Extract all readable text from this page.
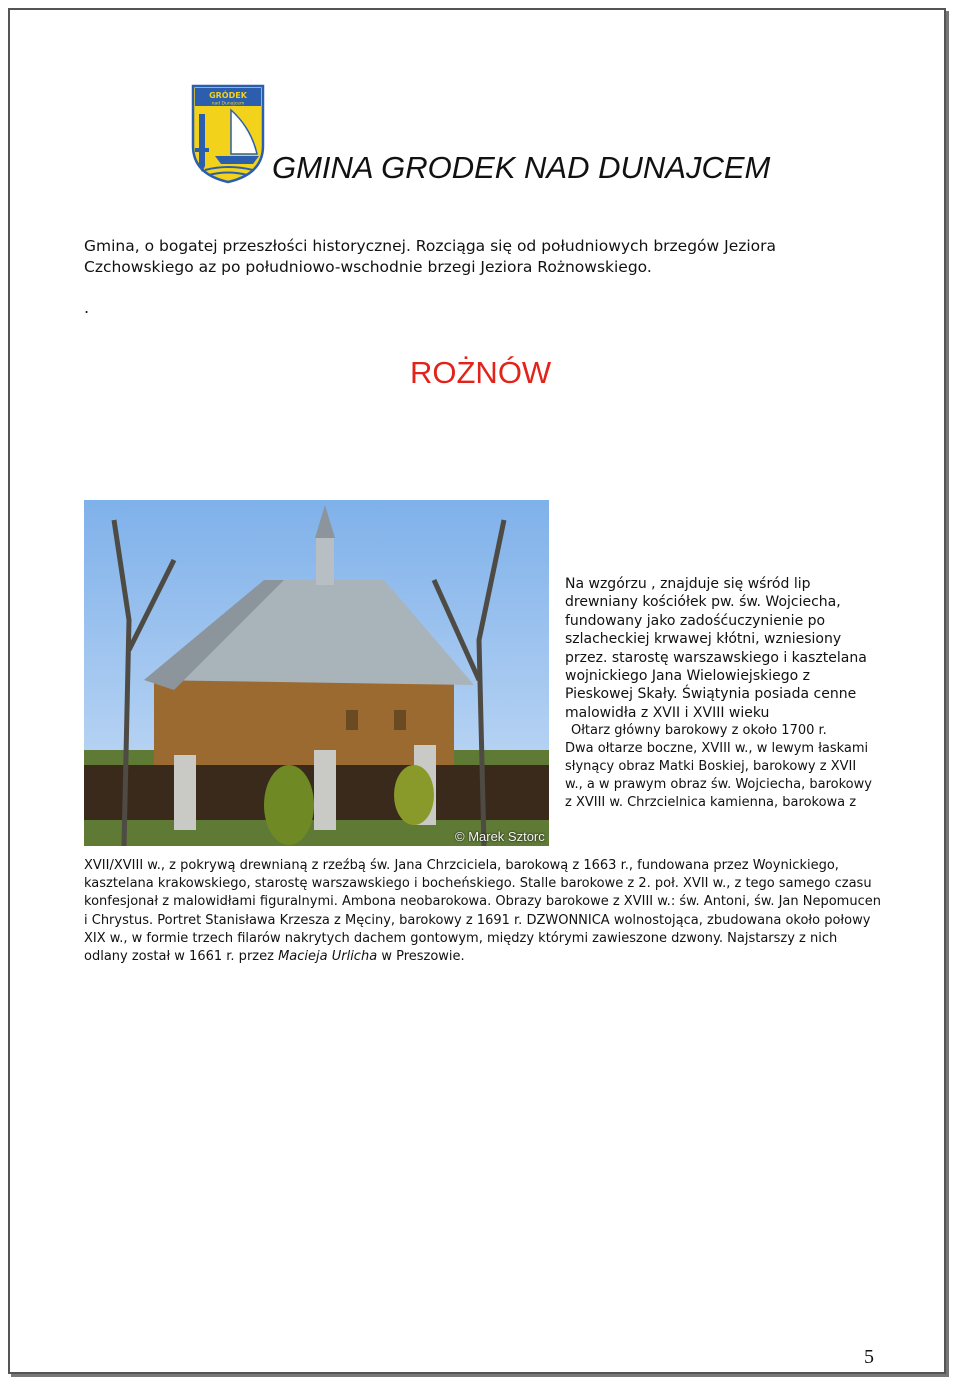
GRÓDEK
nad Dunajcem
GMINA GRODEK NAD DUNAJCEM
Gmina, o bogatej przeszłości historycznej. Rozciąga się od południowych brzegów Jeziora Czchowskiego az po południowo-wschodnie brzegi Jeziora Rożnowskiego.
.
ROŻNÓW
© Marek Sztorc
Na wzgórzu , znajduje się wśród lip drewniany kościółek pw. św. Wojciecha, fundowany jako zadośćuczynienie po szlacheckiej krwawej kłótni, wzniesiony przez. starostę warszawskiego i kasztelana wojnickiego Jana Wielowiejskiego z Pieskowej Skały. Świątynia posiada cenne malowidła z XVII i XVIII wieku
Ołtarz główny barokowy z około 1700 r.
Dwa ołtarze boczne, XVIII w., w lewym łaskami słynący obraz Matki Boskiej, barokowy z XVII w., a w prawym obraz św. Wojciecha, barokowy z XVIII w. Chrzcielnica kamienna, barokowa z
XVII/XVIII w., z pokrywą drewnianą z rzeźbą św. Jana Chrzciciela, barokową z 1663 r., fundowana przez Woynickiego, kasztelana krakowskiego, starostę warszawskiego i bocheńskiego. Stalle barokowe z 2. poł. XVII w., z tego samego czasu konfesjonał z malowidłami figuralnymi. Ambona neobarokowa. Obrazy barokowe z XVIII w.: św. Antoni, św. Jan Nepomucen i Chrystus. Portret Stanisława Krzesza z Męciny, barokowy z 1691 r. DZWONNICA wolnostojąca, zbudowana około połowy XIX w., w formie trzech filarów nakrytych dachem gontowym, między którymi zawieszone dzwony. Najstarszy z nich odlany został w 1661 r. przez Macieja Urlicha w Preszowie.
5
